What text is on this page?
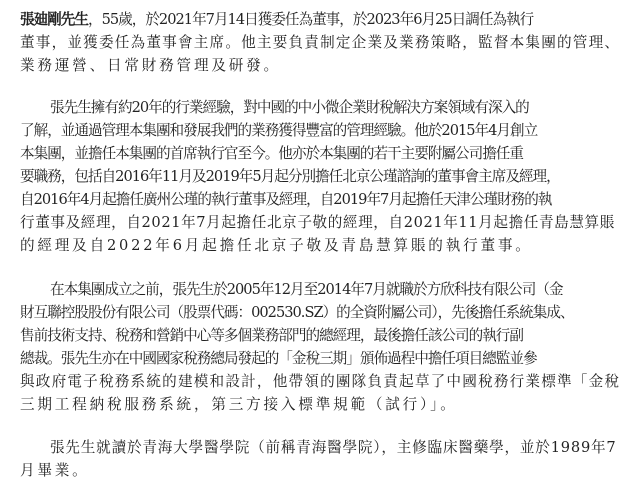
張廸剛先生，55歲，於2021年7月14日獲委任為董事，於2023年6月25日調任為執行
董事，並獲委任為董事會主席。他主要負責制定企業及業務策略，監督本集團的管理、
業務運營、日常財務管理及研發。
張先生擁有約20年的行業經驗，對中國的中小微企業財稅解決方案領域有深入的
了解，並通過管理本集團和發展我們的業務獲得豐富的管理經驗。他於2015年4月創立
本集團，並擔任本集團的首席執行官至今。他亦於本集團的若干主要附屬公司擔任重
要職務，包括自2016年11月及2019年5月起分別擔任北京公瑾諮詢的董事會主席及經理，
自2016年4月起擔任廣州公瑾的執行董事及經理，自2019年7月起擔任天津公瑾財務的執
行董事及經理，自2021年7月起擔任北京子敬的經理，自2021年11月起擔任青島慧算賬
的經理及自2022年6月起擔任北京子敬及青島慧算賬的執行董事。
在本集團成立之前，張先生於2005年12月至2014年7月就職於方欣科技有限公司（金
財互聯控股股份有限公司（股票代碼：002530.SZ）的全資附屬公司），先後擔任系統集成、
售前技術支持、稅務和營銷中心等多個業務部門的總經理，最後擔任該公司的執行副
總裁。張先生亦在中國國家稅務總局發起的「金稅三期」頒佈過程中擔任項目總監並參
與政府電子稅務系統的建模和設計，他帶領的團隊負責起草了中國稅務行業標準「金稅
三期工程納稅服務系統，第三方接入標準規範（試行）」。
張先生就讀於青海大學醫學院（前稱青海醫學院），主修臨床醫藥學，並於1989年7
月畢業。
